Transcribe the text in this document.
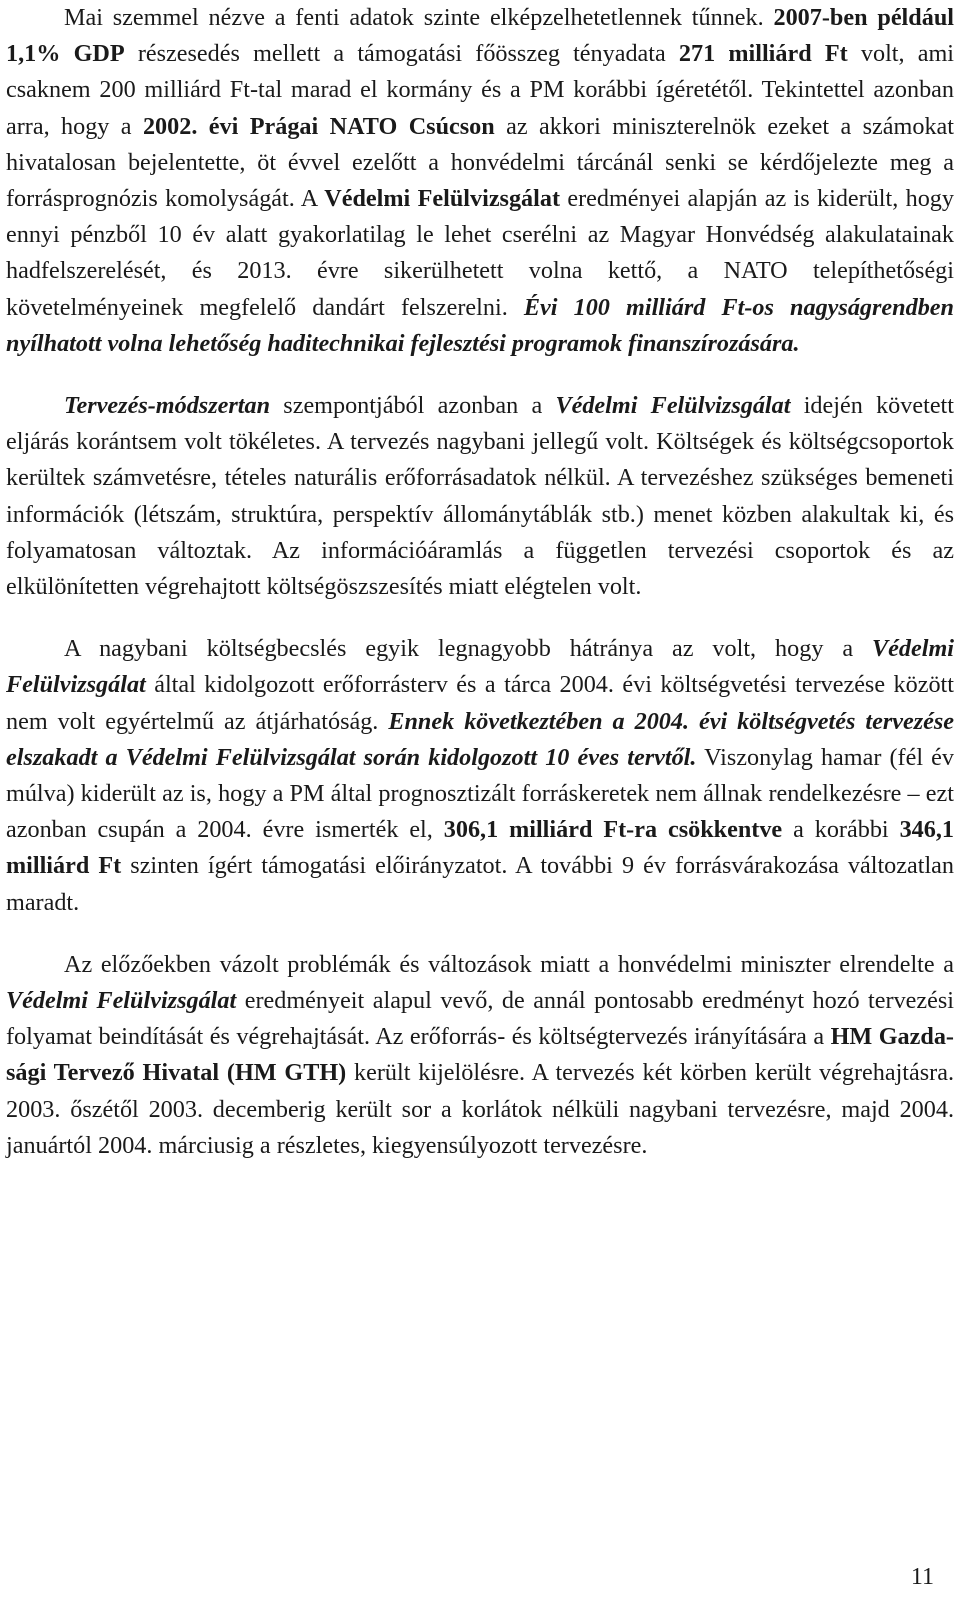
Mai szemmel nézve a fenti adatok szinte elképzelhetetlennek tűnnek. 2007-ben például 1,1% GDP részesedés mellett a támogatási főösszeg tényadata 271 milliárd Ft volt, ami csaknem 200 milliárd Ft-tal marad el kormány és a PM korábbi ígéretétől. Tekintettel azonban arra, hogy a 2002. évi Prágai NATO Csúcson az akkori miniszterelnök ezeket a számokat hivatalosan bejelentette, öt évvel ezelőtt a honvédelmi tárcánál senki se kérdőjelezte meg a forrásprognózis komolyságát. A Védelmi Felülvizsgálat eredményei alapján az is kiderült, hogy ennyi pénzből 10 év alatt gyakorlatilag le lehet cserélni az Magyar Honvédség alakulatainak hadfelszerelését, és 2013. évre sikerülhetett volna kettő, a NATO telepíthetőségi követelményeinek megfelelő dandárt felszerelni. Évi 100 milliárd Ft-os nagyságrendben nyílhatott volna lehetőség haditechnikai fejlesztési programok finanszírozására.

Tervezés-módszertan szempontjából azonban a Védelmi Felülvizsgálat idején követett eljárás korántsem volt tökéletes. A tervezés nagybani jellegű volt. Költségek és költségcsoportok kerültek számvetésre, tételes naturális erőforrásadatok nélkül. A tervezéshez szükséges bemeneti információk (létszám, struktúra, perspektív állománytáblák stb.) menet közben alakultak ki, és folyamatosan változtak. Az információáramlás a független tervezési csoportok és az elkülönítetten végrehajtott költségöszszesítés miatt elégtelen volt.

A nagybani költségbecslés egyik legnagyobb hátránya az volt, hogy a Védelmi Felülvizsgálat által kidolgozott erőforrásterv és a tárca 2004. évi költségvetési tervezése között nem volt egyértelmű az átjárhatóság. Ennek következtében a 2004. évi költségvetés tervezése elszakadt a Védelmi Felülvizsgálat során kidolgozott 10 éves tervtől. Viszonylag hamar (fél év múlva) kiderült az is, hogy a PM által prognosztizált forráskeretek nem állnak rendelkezésre – ezt azonban csupán a 2004. évre ismerték el, 306,1 milliárd Ft-ra csökkentve a korábbi 346,1 milliárd Ft szinten ígért támogatási előirányzatot. A további 9 év forrásvárakozása változatlan maradt.

Az előzőekben vázolt problémák és változások miatt a honvédelmi miniszter elrendelte a Védelmi Felülvizsgálat eredményeit alapul vevő, de annál pontosabb eredményt hozó tervezési folyamat beindítását és végrehajtását. Az erőforrás- és költségtervezés irányítására a HM Gazdasági Tervező Hivatal (HM GTH) került kijelölésre. A tervezés két körben került végrehajtásra. 2003. őszétől 2003. decemberig került sor a korlátok nélküli nagybani tervezésre, majd 2004. januártól 2004. márciusig a részletes, kiegyensúlyozott tervezésre.

11
